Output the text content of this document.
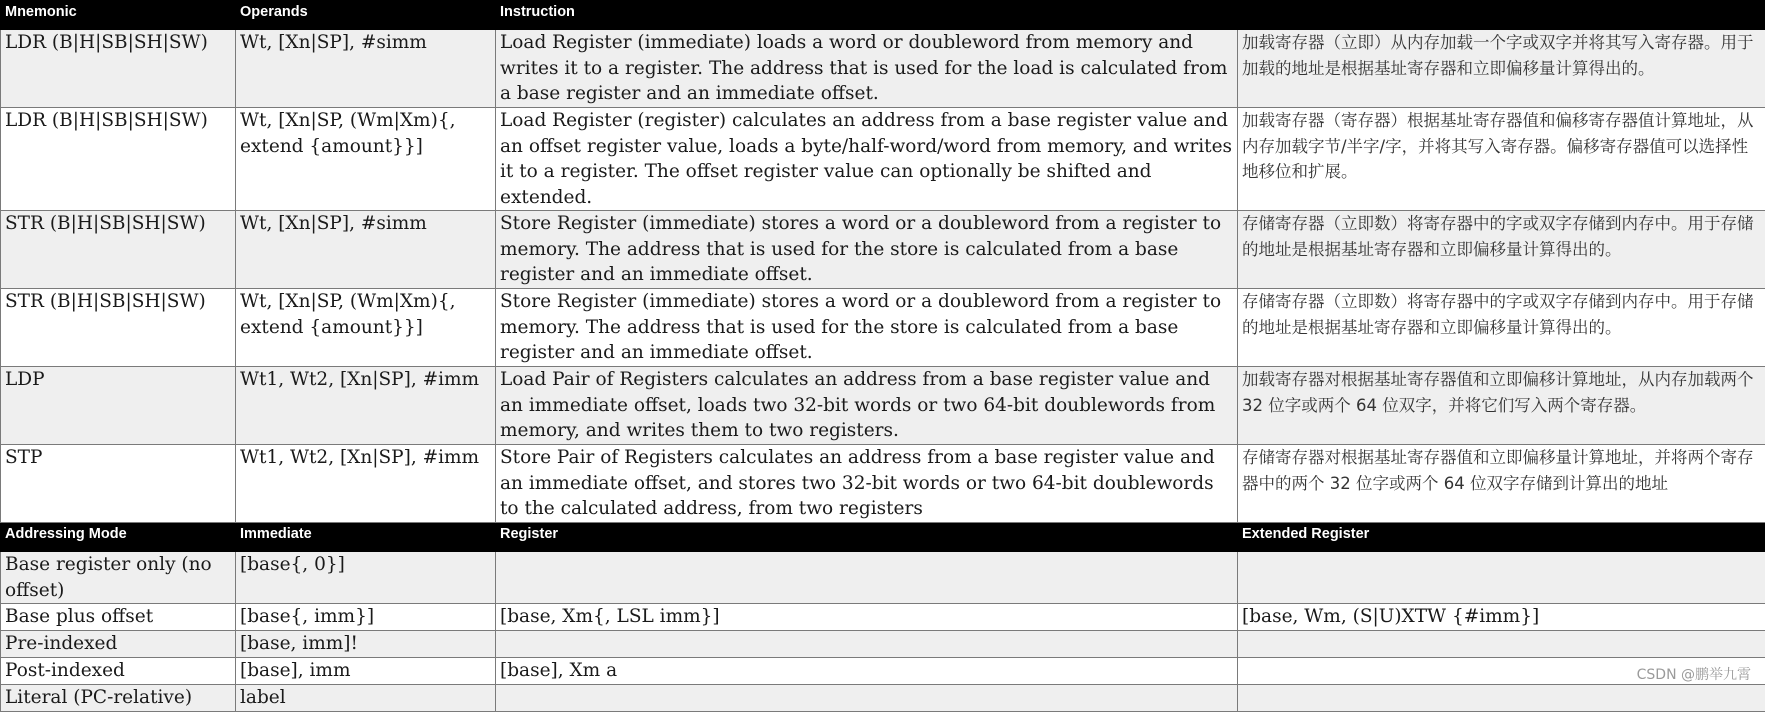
Mnemonic	Operands	Instruction	
LDR (B|H|SB|SH|SW)	Wt, [Xn|SP], #simm	Load Register (immediate) loads a word or doubleword from memory and writes it to a register. The address that is used for the load is calculated from a base register and an immediate offset.	加载寄存器（立即）从内存加载一个字或双字并将其写入寄存器。用于加载的地址是根据基址寄存器和立即偏移量计算得出的。
LDR (B|H|SB|SH|SW)	Wt, [Xn|SP, (Wm|Xm){, extend {amount}}]	Load Register (register) calculates an address from a base register value and an offset register value, loads a byte/half-word/word from memory, and writes it to a register. The offset register value can optionally be shifted and extended.	加载寄存器（寄存器）根据基址寄存器值和偏移寄存器值计算地址，从内存加载字节/半字/字，并将其写入寄存器。偏移寄存器值可以选择性地移位和扩展。
STR (B|H|SB|SH|SW)	Wt, [Xn|SP], #simm	Store Register (immediate) stores a word or a doubleword from a register to memory. The address that is used for the store is calculated from a base register and an immediate offset.	存储寄存器（立即数）将寄存器中的字或双字存储到内存中。用于存储的地址是根据基址寄存器和立即偏移量计算得出的。
STR (B|H|SB|SH|SW)	Wt, [Xn|SP, (Wm|Xm){, extend {amount}}]	Store Register (immediate) stores a word or a doubleword from a register to memory. The address that is used for the store is calculated from a base register and an immediate offset.	存储寄存器（立即数）将寄存器中的字或双字存储到内存中。用于存储的地址是根据基址寄存器和立即偏移量计算得出的。
LDP	Wt1, Wt2, [Xn|SP], #imm	Load Pair of Registers calculates an address from a base register value and an immediate offset, loads two 32-bit words or two 64-bit doublewords from memory, and writes them to two registers.	加载寄存器对根据基址寄存器值和立即偏移计算地址，从内存加载两个 32 位字或两个 64 位双字，并将它们写入两个寄存器。
STP	Wt1, Wt2, [Xn|SP], #imm	Store Pair of Registers calculates an address from a base register value and an immediate offset, and stores two 32-bit words or two 64-bit doublewords to the calculated address, from two registers	存储寄存器对根据基址寄存器值和立即偏移量计算地址，并将两个寄存器中的两个 32 位字或两个 64 位双字存储到计算出的地址
Addressing Mode	Immediate	Register	Extended Register
Base register only (no offset)	[base{, 0}]		
Base plus offset	[base{, imm}]	[base, Xm{, LSL imm}]	[base, Wm, (S|U)XTW {#imm}]
Pre-indexed	[base, imm]!		
Post-indexed	[base], imm	[base], Xm a	
Literal (PC-relative)	label		
CSDN @鹏举九霄
